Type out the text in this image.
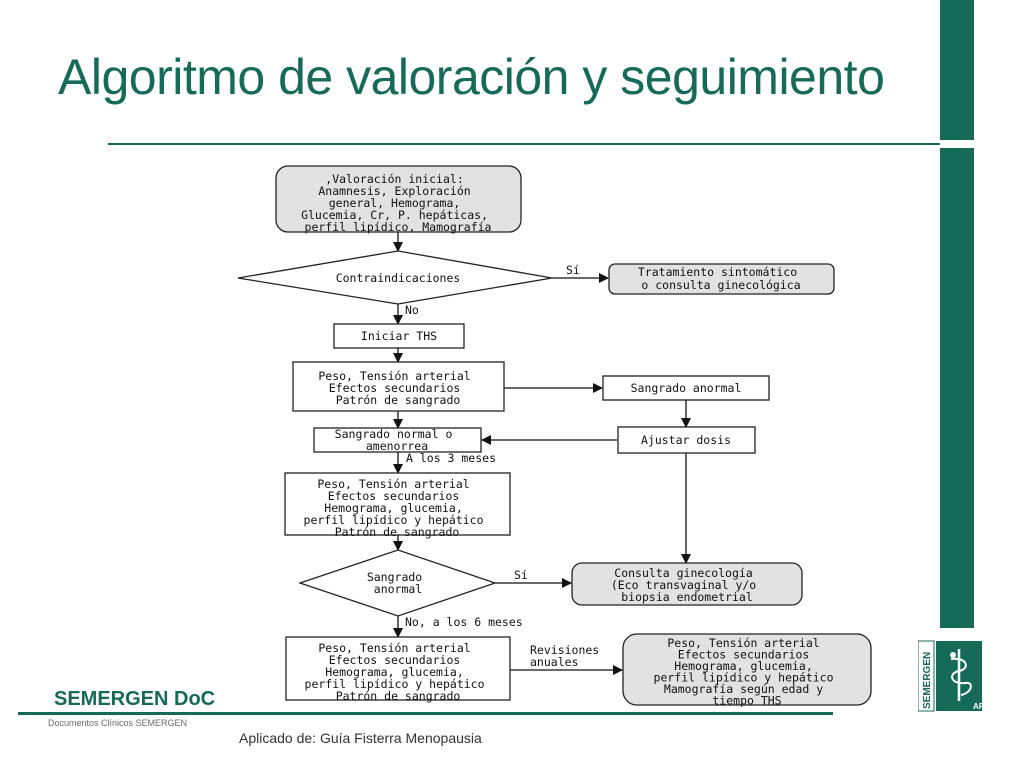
Algoritmo de valoración y seguimiento
,Valoración inicial: Anamnesis, Exploración general, Hemograma, Glucemia, Cr, P. hepáticas, perfil lipídico, Mamografía
Contraindicaciones	Tratamiento sintomático o consulta ginecológica
Iniciar THS
Peso, Tensión arterial Efectos secundarios Patrón de sangrado
Sangrado anormal
Sangrado normal o amenorrea	Ajustar dosis
Peso, Tensión arterial Efectos secundarios Hemograma, glucemia, perfil lipídico y hepático Patrón de sangrado
Sangrado anormal
Consulta ginecología (Eco transvaginal y/o biopsia endometrial
Peso, Tensión arterial Efectos secundarios Hemograma, glucemia, perfil lipídico y hepático Patrón de sangrado
Peso, Tensión arterial Efectos secundarios Hemograma, glucemia, perfil lipídico y hepático Mamografía según edad y tiempo THS
Sí
No
A los 3 meses
Sí
No, a los 6 meses
Revisiones anuales
SEMERGEN DoC
Documentos Clínicos SEMERGEN
Aplicado de: Guía Fisterra Menopausia
SEMERGEN	AP
